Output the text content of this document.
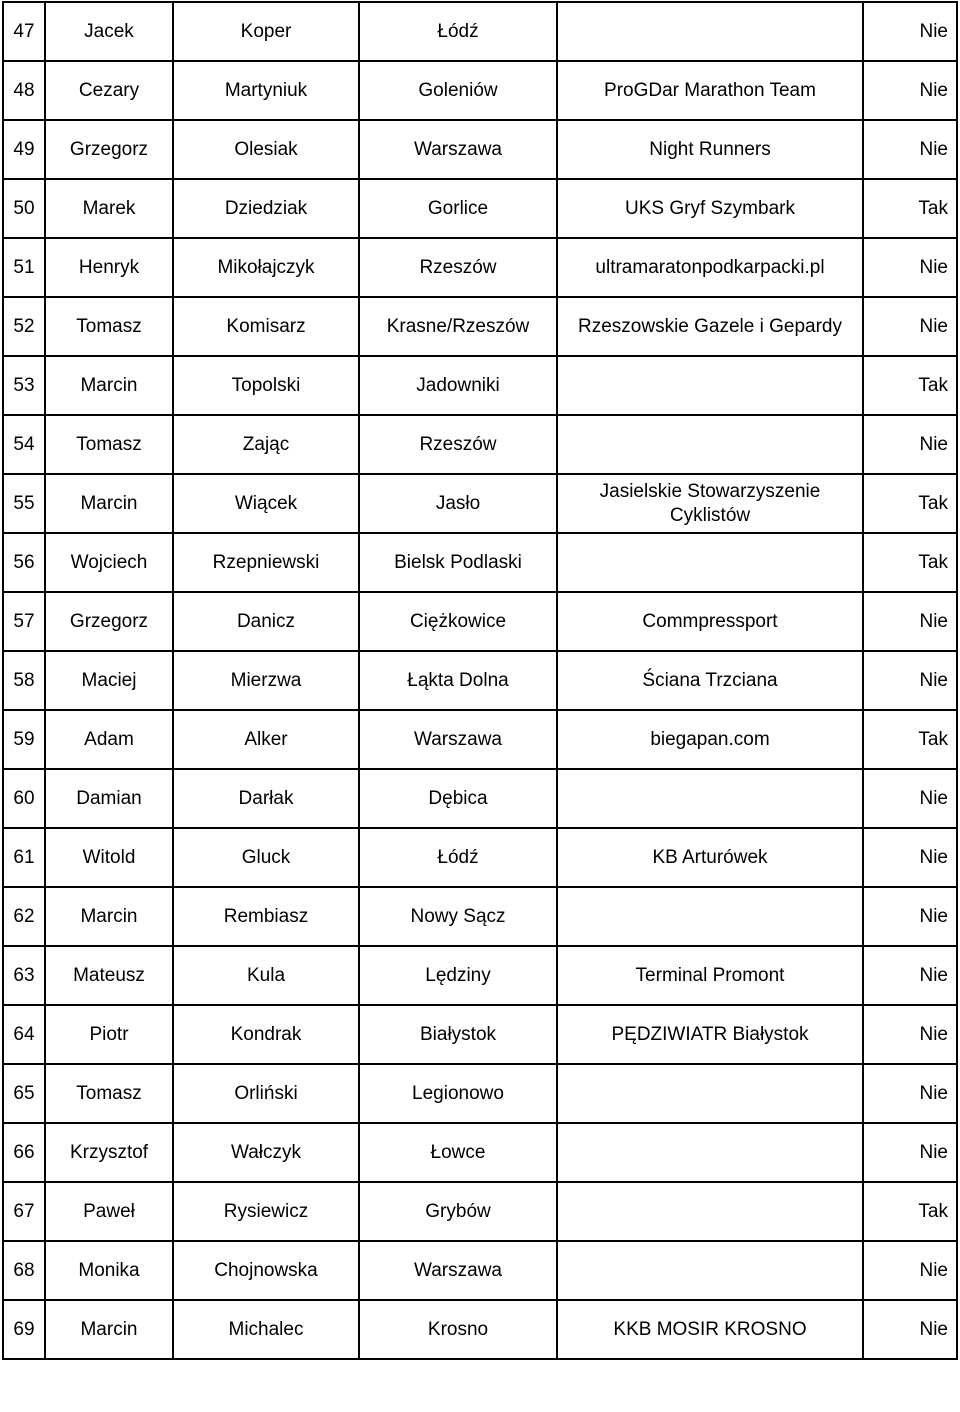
47	Jacek	Koper	Łódź		Nie
48	Cezary	Martyniuk	Goleniów	ProGDar Marathon Team	Nie
49	Grzegorz	Olesiak	Warszawa	Night Runners	Nie
50	Marek	Dziedziak	Gorlice	UKS Gryf Szymbark	Tak
51	Henryk	Mikołajczyk	Rzeszów	ultramaratonpodkarpacki.pl	Nie
52	Tomasz	Komisarz	Krasne/Rzeszów	Rzeszowskie Gazele i Gepardy	Nie
53	Marcin	Topolski	Jadowniki		Tak
54	Tomasz	Zając	Rzeszów		Nie
55	Marcin	Wiącek	Jasło	Jasielskie Stowarzyszenie Cyklistów	Tak
56	Wojciech	Rzepniewski	Bielsk Podlaski		Tak
57	Grzegorz	Danicz	Ciężkowice	Commpressport	Nie
58	Maciej	Mierzwa	Łąkta Dolna	Ściana Trzciana	Nie
59	Adam	Alker	Warszawa	biegapan.com	Tak
60	Damian	Darłak	Dębica		Nie
61	Witold	Gluck	Łódź	KB Arturówek	Nie
62	Marcin	Rembiasz	Nowy Sącz		Nie
63	Mateusz	Kula	Lędziny	Terminal Promont	Nie
64	Piotr	Kondrak	Białystok	PĘDZIWIATR Białystok	Nie
65	Tomasz	Orliński	Legionowo		Nie
66	Krzysztof	Wałczyk	Łowce		Nie
67	Paweł	Rysiewicz	Grybów		Tak
68	Monika	Chojnowska	Warszawa		Nie
69	Marcin	Michalec	Krosno	KKB MOSIR KROSNO	Nie
